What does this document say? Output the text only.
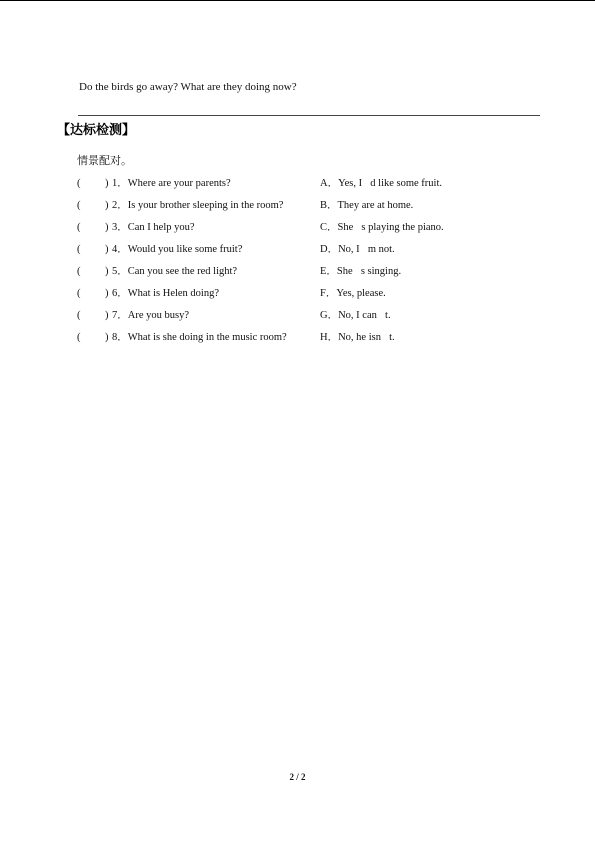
Do the birds go away? What are they doing now?
【达标检测】
情景配对。
( ) 1．Where are your parents?	A．Yes, I d like some fruit.
( ) 2．Is your brother sleeping in the room?	B．They are at home.
( ) 3．Can I help you?	C．She s playing the piano.
( ) 4．Would you like some fruit?	D．No, I m not.
( ) 5．Can you see the red light?	E．She s singing.
( ) 6．What is Helen doing?	F．Yes, please.
( ) 7．Are you busy?	G．No, I can t.
( ) 8．What is she doing in the music room?	H．No, he isn t.
2 / 2
